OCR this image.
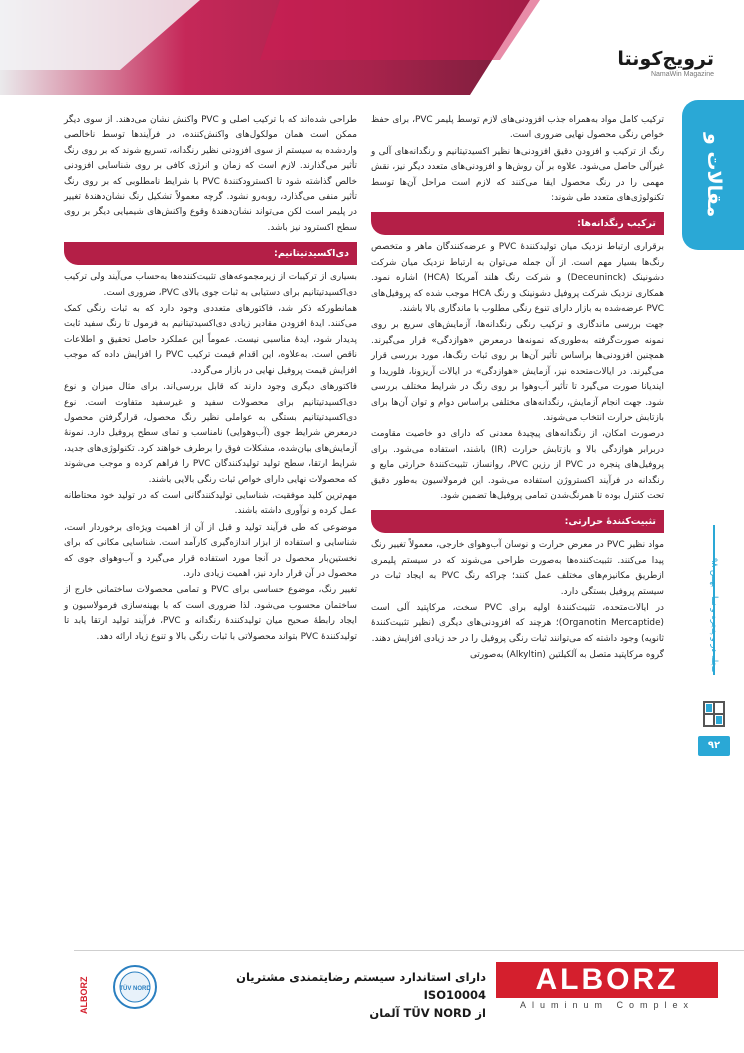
ترویج‌کونتا
NamaWin Magazine
مقالات و فنی
مجله در و پنجره و نما - بهمن ۹۸
۹۲

ترکیب کامل مواد به‌همراه جذب افزودنی‌های لازم توسط پلیمر PVC، برای حفظ خواص رنگی محصول نهایی ضروری است.

رنگ از ترکیب و افزودن دقیق افزودنی‌ها نظیر اکسیدتیتانیم و رنگدانه‌های آلی و غیرآلی حاصل می‌شود. علاوه بر آن روش‌ها و افزودنی‌های متعدد دیگر نیز، نقش مهمی را در رنگ محصول ایفا می‌کنند که لازم است مراحل آن‌ها توسط تکنولوژی‌های متعدد طی شوند:

ترکیب رنگدانه‌ها:

برقراری ارتباط نزدیک میان تولیدکنندهٔ PVC و عرضه‌کنندگان ماهر و متخصص رنگ‌ها بسیار مهم است. از آن جمله می‌توان به ارتباط نزدیک میان شرکت دشونینک (Deceuninck) و شرکت رنگ هلند آمریکا (HCA) اشاره نمود. همکاری نزدیک شرکت پروفیل دشونینک و رنگ HCA موجب شده که پروفیل‌های PVC عرضه‌شده به بازار دارای تنوع رنگی مطلوب با ماندگاری بالا باشند.

جهت بررسی ماندگاری و ترکیب رنگی رنگدانه‌ها، آزمایش‌های سریع بر روی نمونه صورت‌گرفته به‌طوری‌که نمونه‌ها درمعرض «هوازدگی» قرار می‌گیرند. همچنین افزودنی‌ها براساس تأثیر آن‌ها بر روی ثبات رنگ‌ها، مورد بررسی قرار می‌گیرند. در ایالات‌متحده نیز، آزمایش «هوازدگی» در ایالات آریزونا، فلوریدا و ایندیانا صورت می‌گیرد تا تأثیر آب‌وهوا بر روی رنگ در شرایط مختلف بررسی شود. جهت انجام آزمایش، رنگدانه‌های مختلفی براساس دوام و توان آن‌ها برای بازتابش حرارت انتخاب می‌شوند.

درصورت امکان، از رنگدانه‌های پیچیدهٔ معدنی که دارای دو خاصیت مقاومت دربرابر هوازدگی بالا و بازتابش حرارت (IR) باشند، استفاده می‌شود. برای پروفیل‌های پنجره در PVC از رزین PVC، روانساز، تثبیت‌کنندهٔ حرارتی مایع و رنگدانه در فرآیند اکستروژن استفاده می‌شود. این فرمولاسیون به‌طور دقیق تحت کنترل بوده تا همرنگ‌شدن تمامی پروفیل‌ها تضمین شود.

تثبیت‌کنندهٔ حرارتی:

مواد نظیر PVC در معرض حرارت و نوسان آب‌وهوای خارجی، معمولاً تغییر رنگ پیدا می‌کنند. تثبیت‌کننده‌ها به‌صورت طراحی می‌شوند که در سیستم پلیمری ازطریق مکانیزم‌های مختلف عمل کنند؛ چراکه رنگ PVC به ایجاد ثبات در سیستم پروفیل بستگی دارد.

در ایالات‌متحده، تثبیت‌کنندهٔ اولیه برای PVC سخت، مرکاپتید آلی است (Organotin Mercaptide)؛ هرچند که افزودنی‌های دیگری (نظیر تثبیت‌کنندهٔ ثانویه) وجود داشته که می‌توانند ثبات رنگی پروفیل را در حد زیادی افزایش دهند.

گروه مرکاپتید متصل به آلکیلتین (Alkyltin) به‌صورتی

طراحی شده‌اند که با ترکیب اصلی و PVC واکنش نشان می‌دهند. از سوی دیگر ممکن است همان مولکول‌های واکنش‌کننده، در فرآیندها توسط ناخالصی واردشده به سیستم از سوی افزودنی نظیر رنگدانه، تسریع شوند که بر روی رنگ تأثیر می‌گذارند. لازم است که زمان و انرژی کافی بر روی شناسایی افزودنی خالص گذاشته شود تا اکسترودکنندهٔ PVC با شرایط نامطلوبی که بر روی رنگ تأثیر منفی می‌گذارد، روبه‌رو نشود. گرچه معمولاً تشکیل رنگ نشان‌دهندهٔ تغییر در پلیمر است لکن می‌تواند نشان‌دهندهٔ وقوع واکنش‌های شیمیایی دیگر بر روی سطح اکسترود نیز باشد.

دی‌اکسیدتیتانیم:

بسیاری از ترکیبات از زیرمجموعه‌های تثبیت‌کننده‌ها به‌حساب می‌آیند ولی ترکیب دی‌اکسیدتیتانیم برای دستیابی به ثبات جوی بالای PVC، ضروری است.

همانطورکه ذکر شد، فاکتورهای متعددی وجود دارد که به ثبات رنگی کمک می‌کنند. ایدهٔ افزودن مقادیر زیادی دی‌اکسیدتیتانیم به فرمول تا رنگ سفید ثابت پدیدار شود، ایدهٔ مناسبی نیست. عموماً این عملکرد حاصل تحقیق و اطلاعات ناقص است. به‌علاوه، این اقدام قیمت ترکیب PVC را افزایش داده که موجب افزایش قیمت پروفیل نهایی در بازار می‌گردد.

فاکتورهای دیگری وجود دارند که قابل بررسی‌اند. برای مثال میزان و نوع دی‌اکسیدتیتانیم برای محصولات سفید و غیرسفید متفاوت است. نوع دی‌اکسیدتیتانیم بستگی به عواملی نظیر رنگ محصول، قرارگرفتن محصول درمعرض شرایط جوی (آب‌وهوایی) نامناسب و تمای سطح پروفیل دارد. نمونهٔ آزمایش‌های بیان‌شده، مشکلات فوق را برطرف خواهند کرد. تکنولوژی‌های جدید، شرایط ارتقا، سطح تولید تولیدکنندگان PVC را فراهم کرده و موجب می‌شوند که محصولات نهایی دارای خواص ثبات رنگی بالایی باشند.

مهم‌ترین کلید موفقیت، شناسایی تولیدکنندگانی است که در تولید خود محتاطانه عمل کرده و نوآوری داشته باشند.

موضوعی که طی فرآیند تولید و قبل از آن از اهمیت ویژه‌ای برخوردار است، شناسایی و استفاده از ابزار اندازه‌گیری کارآمد است. شناسایی مکانی که برای نخستین‌بار محصول در آنجا مورد استفاده قرار می‌گیرد و آب‌وهوای جوی که محصول در آن قرار دارد نیز، اهمیت زیادی دارد.

تغییر رنگ، موضوع حساسی برای PVC و تمامی محصولات ساختمانی خارج از ساختمان محسوب می‌شود. لذا ضروری است که با بهینه‌سازی فرمولاسیون و ایجاد رابطهٔ صحیح میان تولیدکنندهٔ رنگدانه و PVC، فرآیند تولید ارتقا یابد تا تولیدکنندهٔ PVC بتواند محصولاتی با ثبات رنگی بالا و تنوع زیاد ارائه دهد.

ALBORZ
Aluminum Complex
دارای استاندارد سیستم رضایتمندی مشتریان ISO10004
از TÜV NORD آلمان
TÜV NORD
ALBORZ
